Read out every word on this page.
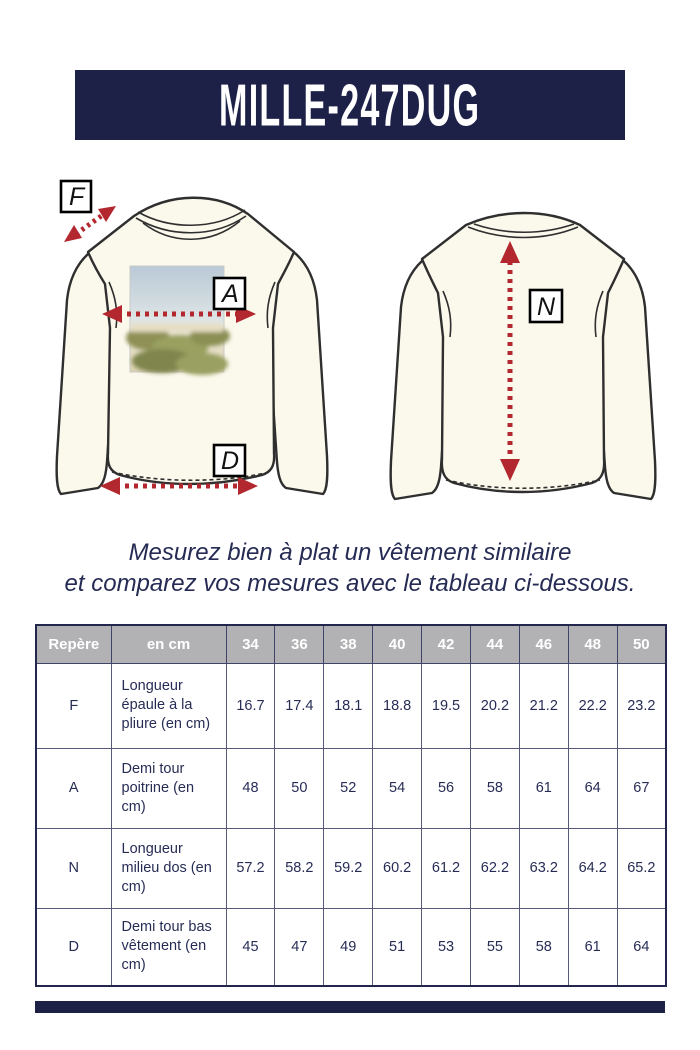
MILLE-247DUG
F
A
D
N
Mesurez bien à plat un vêtement similaire
et comparez vos mesures avec le tableau ci-dessous.
Repère	en cm	34	36	38	40	42	44	46	48	50
F	Longueur épaule à la pliure (en cm)	16.7	17.4	18.1	18.8	19.5	20.2	21.2	22.2	23.2
A	Demi tour poitrine (en cm)	48	50	52	54	56	58	61	64	67
N	Longueur milieu dos (en cm)	57.2	58.2	59.2	60.2	61.2	62.2	63.2	64.2	65.2
D	Demi tour bas vêtement (en cm)	45	47	49	51	53	55	58	61	64
